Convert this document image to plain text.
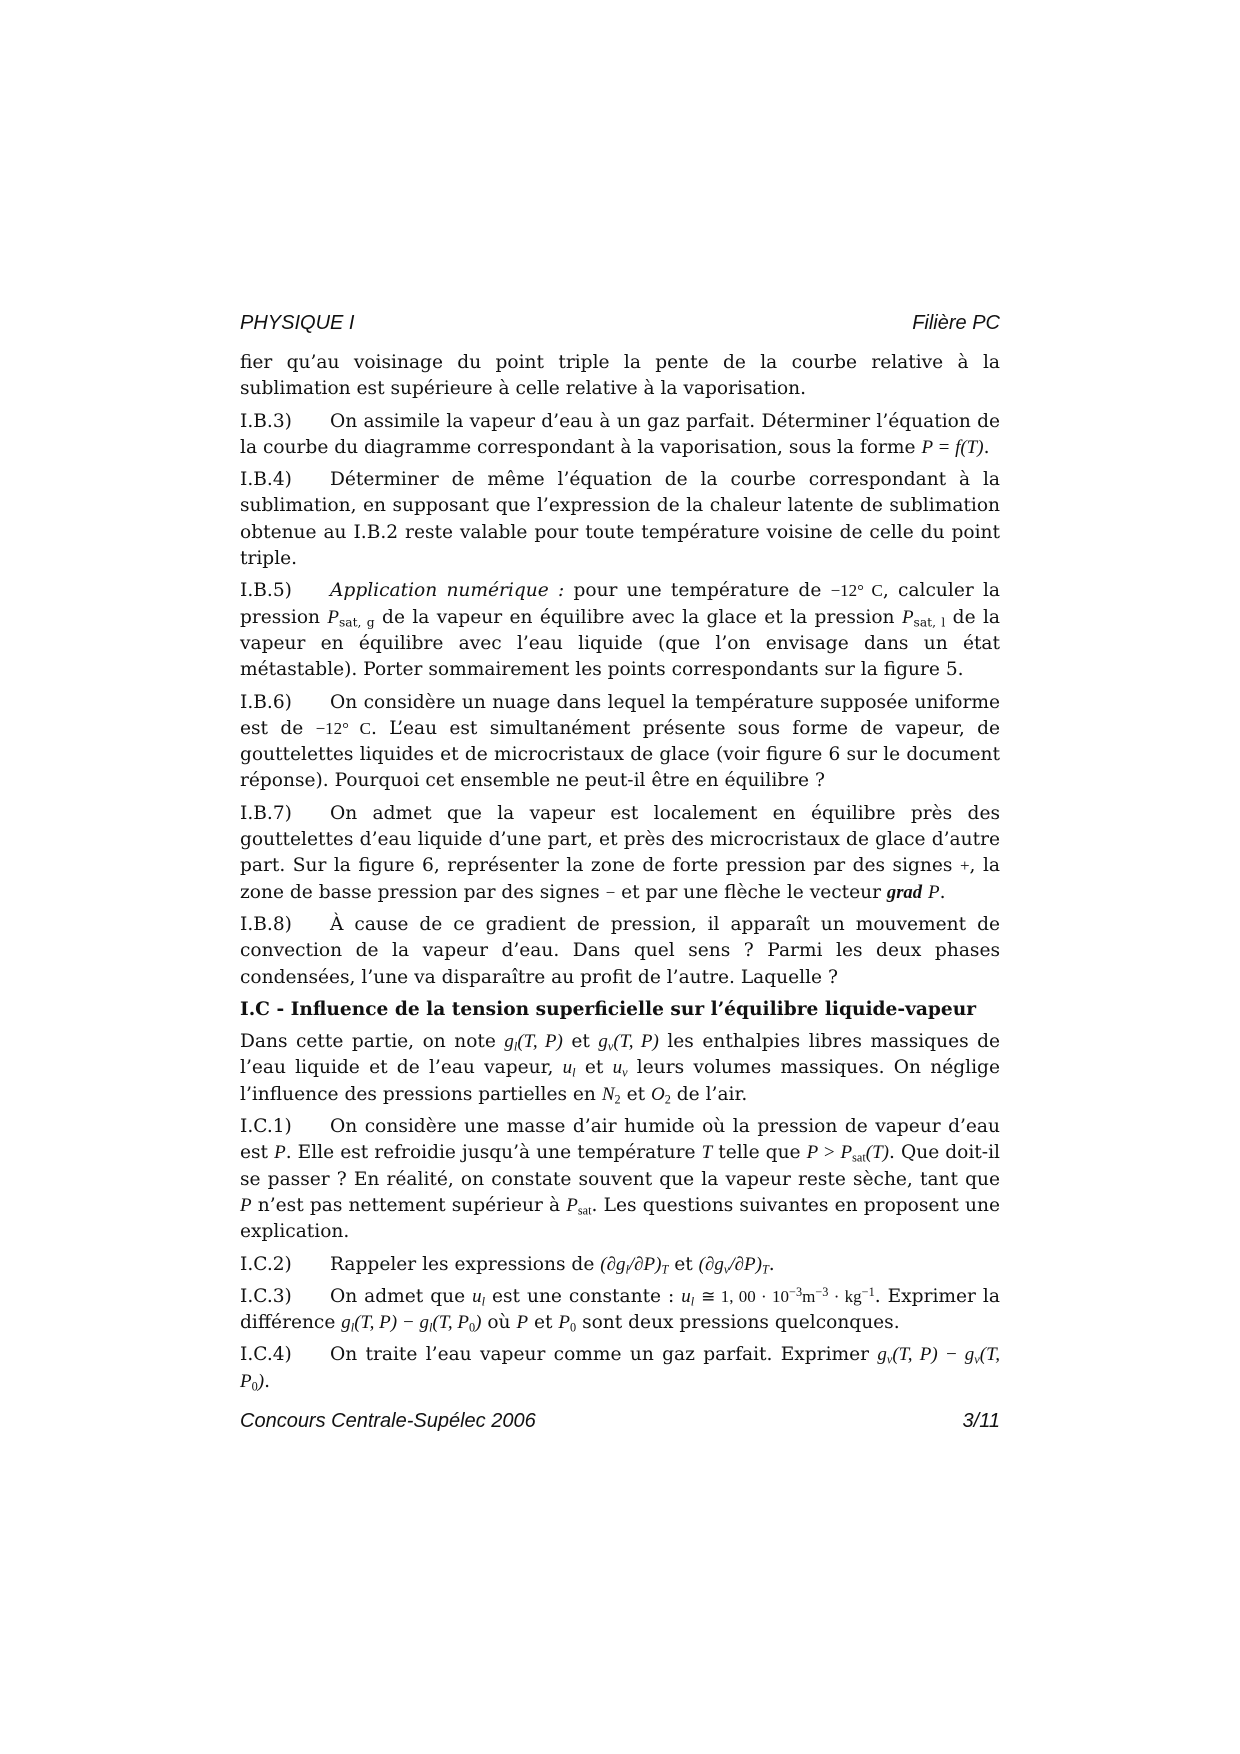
PHYSIQUE I	Filière PC

fier qu’au voisinage du point triple la pente de la courbe relative à la sublimation est supérieure à celle relative à la vaporisation.

I.B.3) On assimile la vapeur d’eau à un gaz parfait. Déterminer l’équation de la courbe du diagramme correspondant à la vaporisation, sous la forme P = f(T).

I.B.4) Déterminer de même l’équation de la courbe correspondant à la sublimation, en supposant que l’expression de la chaleur latente de sublimation obtenue au I.B.2 reste valable pour toute température voisine de celle du point triple.

I.B.5) Application numérique : pour une température de −12° C, calculer la pression $P_{sat, g}$ de la vapeur en équilibre avec la glace et la pression $P_{sat, l}$ de la vapeur en équilibre avec l’eau liquide (que l’on envisage dans un état métastable). Porter sommairement les points correspondants sur la figure 5.

I.B.6) On considère un nuage dans lequel la température supposée uniforme est de −12° C. L’eau est simultanément présente sous forme de vapeur, de gouttelettes liquides et de microcristaux de glace (voir figure 6 sur le document réponse). Pourquoi cet ensemble ne peut-il être en équilibre ?

I.B.7) On admet que la vapeur est localement en équilibre près des gouttelettes d’eau liquide d’une part, et près des microcristaux de glace d’autre part. Sur la figure 6, représenter la zone de forte pression par des signes +, la zone de basse pression par des signes − et par une flèche le vecteur grad P.

I.B.8) À cause de ce gradient de pression, il apparaît un mouvement de convection de la vapeur d’eau. Dans quel sens ? Parmi les deux phases condensées, l’une va disparaître au profit de l’autre. Laquelle ?

I.C - Influence de la tension superficielle sur l’équilibre liquide-vapeur

Dans cette partie, on note $g_l(T$, P) et $g_v(T$, P) les enthalpies libres massiques de l’eau liquide et de l’eau vapeur, $u_l$ et $u_v$ leurs volumes massiques. On néglige l’influence des pressions partielles en $N_2$ et $O_2$ de l’air.

I.C.1) On considère une masse d’air humide où la pression de vapeur d’eau est P. Elle est refroidie jusqu’à une température T telle que $P > P_{sat}(T)$. Que doit-il se passer ? En réalité, on constate souvent que la vapeur reste sèche, tant que P n’est pas nettement supérieur à $P_{sat}$. Les questions suivantes en proposent une explication.

I.C.2) Rappeler les expressions de $(\partial g_l/\partial P)_T$ et $(\partial g_v/\partial P)_T$.

I.C.3) On admet que $u_l$ est une constante : $u_l$ ≅ 1, $00 \cdot 10^{-3}m^{-3} \cdot kg^{-1}$. Exprimer la différence $g_l(T$, $P) - g_l(T$, $P_0$) où P et $P_0$ sont deux pressions quelconques.

I.C.4) On traite l’eau vapeur comme un gaz parfait. Exprimer $g_v(T$, $P) - g_v(T$, $P_0$).

Concours Centrale-Supélec 2006	3/11
